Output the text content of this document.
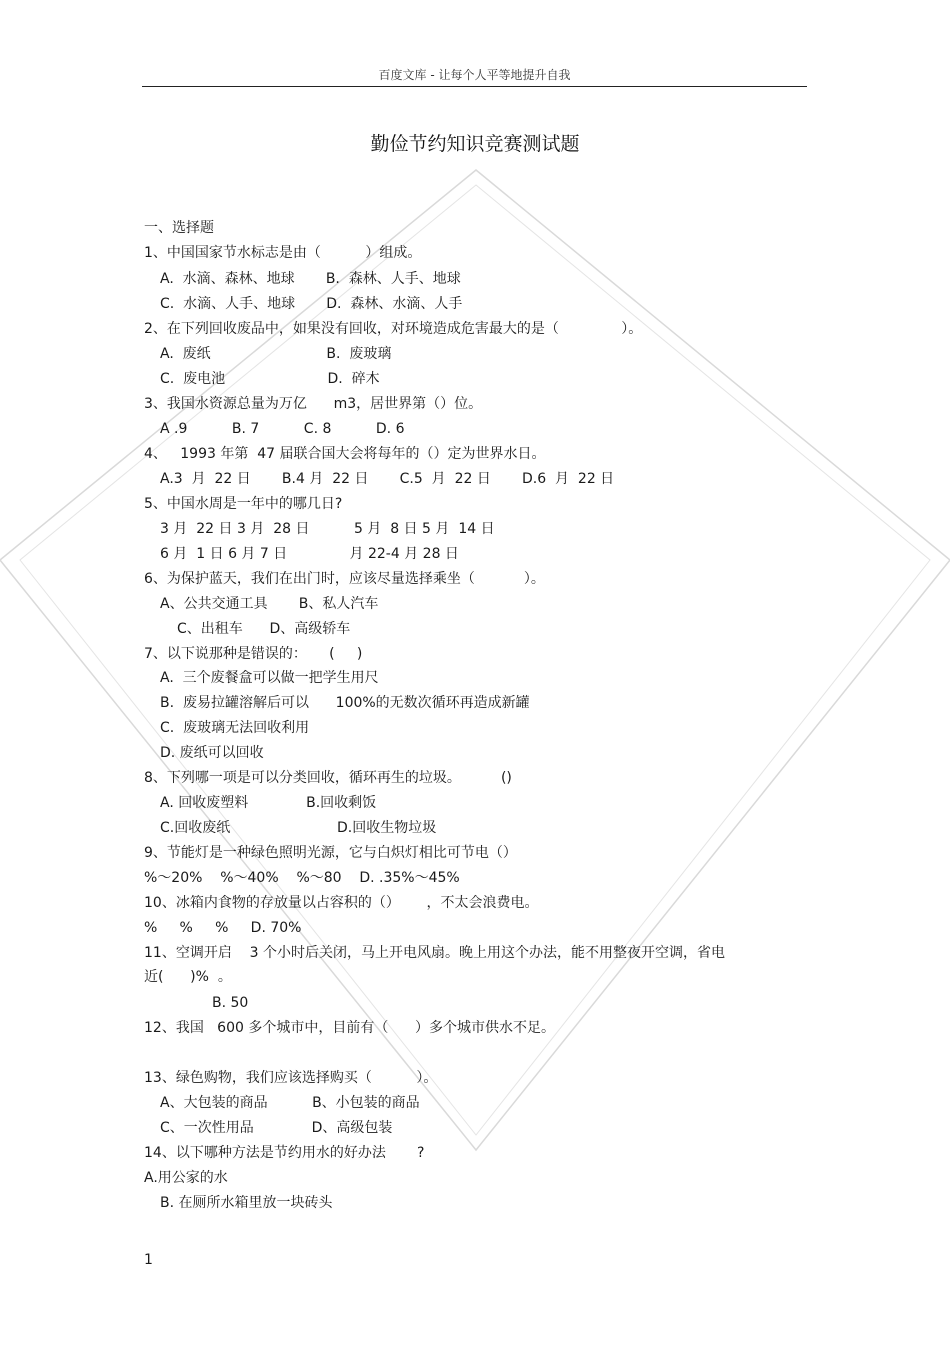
百度文库 - 让每个人平等地提升自我
勤俭节约知识竞赛测试题
一、选择题
1、中国国家节水标志是由（          ）组成。
A.  水滴、森林、地球       B.  森林、人手、地球
C.  水滴、人手、地球       D.  森林、水滴、人手
2、在下列回收废品中，如果没有回收，对环境造成危害最大的是（              ）。
A.  废纸                          B.  废玻璃
C.  废电池                       D.  碎木
3、我国水资源总量为万亿      m3，居世界第（）位。
A .9          B. 7          C. 8          D. 6
4、   1993 年第  47 届联合国大会将每年的（）定为世界水日。
A.3  月  22 日       B.4 月  22 日       C.5  月  22 日       D.6  月  22 日
5、中国水周是一年中的哪几日?
3 月  22 日 3 月  28 日          5 月  8 日 5 月  14 日
6 月  1 日 6 月 7 日              月 22-4 月 28 日
6、为保护蓝天，我们在出门时，应该尽量选择乘坐（           ）。
A、公共交通工具       B、私人汽车
C、出租车      D、高级轿车
7、以下说那种是错误的：     (     )
A.  三个废餐盒可以做一把学生用尺
B.  废易拉罐溶解后可以      100%的无数次循环再造成新罐
C.  废玻璃无法回收利用
D. 废纸可以回收
8、下列哪一项是可以分类回收，循环再生的垃圾。         ()
A. 回收废塑料             B.回收剩饭
C.回收废纸                        D.回收生物垃圾
9、节能灯是一种绿色照明光源，它与白炽灯相比可节电（）
%～20%    %～40%    %～80    D. .35%～45%
10、冰箱内食物的存放量以占容积的（）      ，不太会浪费电。
%     %     %     D. 70%
11、空调开启    3 个小时后关闭，马上开电风扇。晚上用这个办法，能不用整夜开空调，省电
近(      )%  。
B. 50
12、我国   600 多个城市中，目前有（      ）多个城市供水不足。
13、绿色购物，我们应该选择购买（          ）。
A、大包装的商品          B、小包装的商品
C、一次性用品             D、高级包装
14、以下哪种方法是节约用水的好办法       ?
A.用公家的水
B. 在厕所水箱里放一块砖头
1
